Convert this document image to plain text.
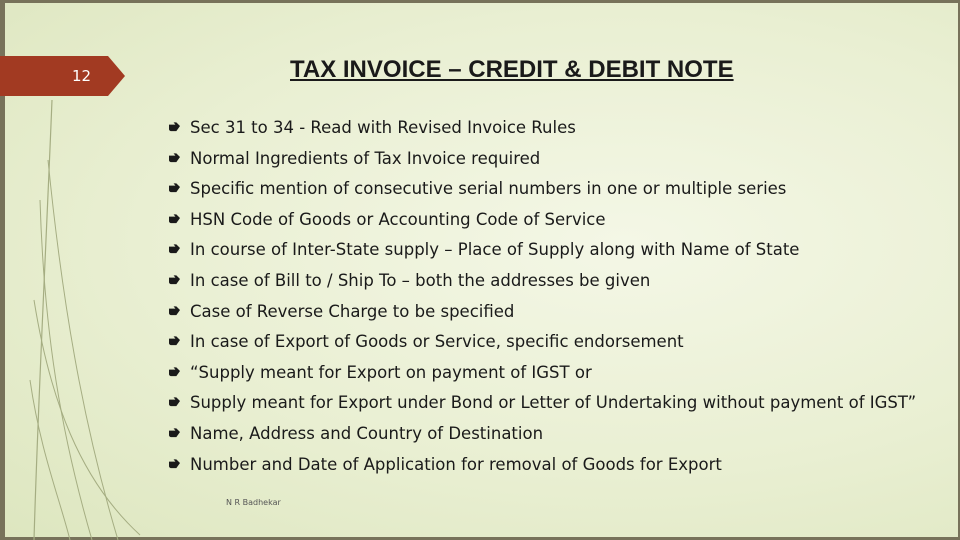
12	TAX INVOICE – CREDIT & DEBIT NOTE
Sec 31 to 34 - Read with Revised Invoice Rules
Normal Ingredients of Tax Invoice required
Specific mention of consecutive serial numbers in one or multiple series
HSN Code of Goods or Accounting Code of Service
In course of Inter-State supply – Place of Supply along with Name of State
In case of Bill to / Ship To – both the addresses be given
Case of Reverse Charge to be specified
In case of Export of Goods or Service, specific endorsement
“Supply meant for Export on payment of IGST or
Supply meant for Export under Bond or Letter of Undertaking without payment of IGST”
Name, Address and Country of Destination
Number and Date of Application for removal of Goods for Export
N R Badhekar
